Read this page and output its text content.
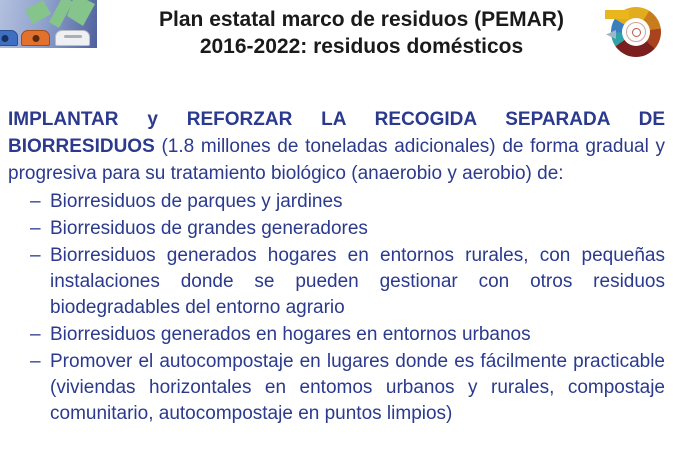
Plan estatal marco de residuos (PEMAR)
2016-2022: residuos domésticos

IMPLANTAR y REFORZAR LA RECOGIDA SEPARADA DE BIORRESIDUOS (1.8 millones de toneladas adicionales) de forma gradual y progresiva para su tratamiento biológico (anaerobio y aerobio) de:

– Biorresiduos de parques y jardines
– Biorresiduos de grandes generadores
– Biorresiduos generados hogares en entornos rurales, con pequeñas instalaciones donde se pueden gestionar con otros residuos biodegradables del entorno agrario
– Biorresiduos generados en hogares en entornos urbanos
– Promover el autocompostaje en lugares donde es fácilmente practicable (viviendas horizontales en entomos urbanos y rurales, compostaje comunitario, autocompostaje en puntos limpios)
